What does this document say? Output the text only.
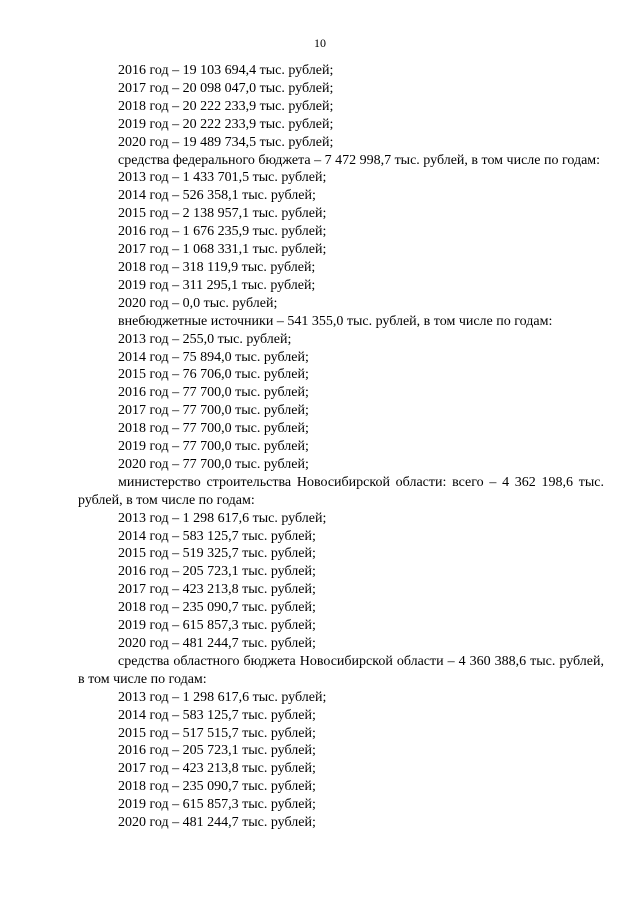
10

2016 год – 19 103 694,4 тыс. рублей;

2017 год – 20 098 047,0 тыс. рублей;

2018 год – 20 222 233,9 тыс. рублей;

2019 год – 20 222 233,9 тыс. рублей;

2020 год – 19 489 734,5 тыс. рублей;

средства федерального бюджета – 7 472 998,7 тыс. рублей, в том числе по годам:

2013 год – 1 433 701,5 тыс. рублей;

2014 год – 526 358,1 тыс. рублей;

2015 год – 2 138 957,1 тыс. рублей;

2016 год – 1 676 235,9 тыс. рублей;

2017 год – 1 068 331,1 тыс. рублей;

2018 год – 318 119,9 тыс. рублей;

2019 год – 311 295,1 тыс. рублей;

2020 год – 0,0 тыс. рублей;

внебюджетные источники – 541 355,0 тыс. рублей, в том числе по годам:

2013 год – 255,0 тыс. рублей;

2014 год – 75 894,0 тыс. рублей;

2015 год – 76 706,0 тыс. рублей;

2016 год – 77 700,0 тыс. рублей;

2017 год – 77 700,0 тыс. рублей;

2018 год – 77 700,0 тыс. рублей;

2019 год – 77 700,0 тыс. рублей;

2020 год – 77 700,0 тыс. рублей;

министерство строительства Новосибирской области: всего – 4 362 198,6 тыс. рублей, в том числе по годам:

2013 год – 1 298 617,6 тыс. рублей;

2014 год – 583 125,7 тыс. рублей;

2015 год – 519 325,7 тыс. рублей;

2016 год – 205 723,1 тыс. рублей;

2017 год – 423 213,8 тыс. рублей;

2018 год – 235 090,7 тыс. рублей;

2019 год – 615 857,3 тыс. рублей;

2020 год – 481 244,7 тыс. рублей;

средства областного бюджета Новосибирской области – 4 360 388,6 тыс. рублей, в том числе по годам:

2013 год – 1 298 617,6 тыс. рублей;

2014 год – 583 125,7 тыс. рублей;

2015 год – 517 515,7 тыс. рублей;

2016 год – 205 723,1 тыс. рублей;

2017 год – 423 213,8 тыс. рублей;

2018 год – 235 090,7 тыс. рублей;

2019 год – 615 857,3 тыс. рублей;

2020 год – 481 244,7 тыс. рублей;
